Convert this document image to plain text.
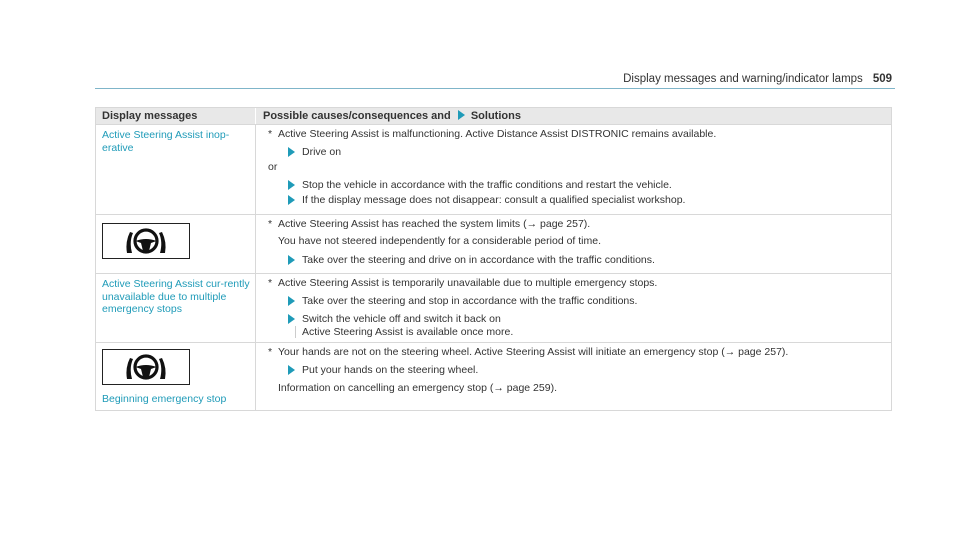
Display messages and warning/indicator lamps 509
Display messages	Possible causes/consequences and Solutions
Active Steering Assist inop-erative
* Active Steering Assist is malfunctioning. Active Distance Assist DISTRONIC remains available.
Drive on
or
Stop the vehicle in accordance with the traffic conditions and restart the vehicle.
If the display message does not disappear: consult a qualified specialist workshop.
* Active Steering Assist has reached the system limits (→ page 257).
You have not steered independently for a considerable period of time.
Take over the steering and drive on in accordance with the traffic conditions.
Active Steering Assist cur-rently unavailable due to multiple emergency stops
* Active Steering Assist is temporarily unavailable due to multiple emergency stops.
Take over the steering and stop in accordance with the traffic conditions.
Switch the vehicle off and switch it back on
Active Steering Assist is available once more.
Beginning emergency stop
* Your hands are not on the steering wheel. Active Steering Assist will initiate an emergency stop (→ page 257).
Put your hands on the steering wheel.
Information on cancelling an emergency stop (→ page 259).
